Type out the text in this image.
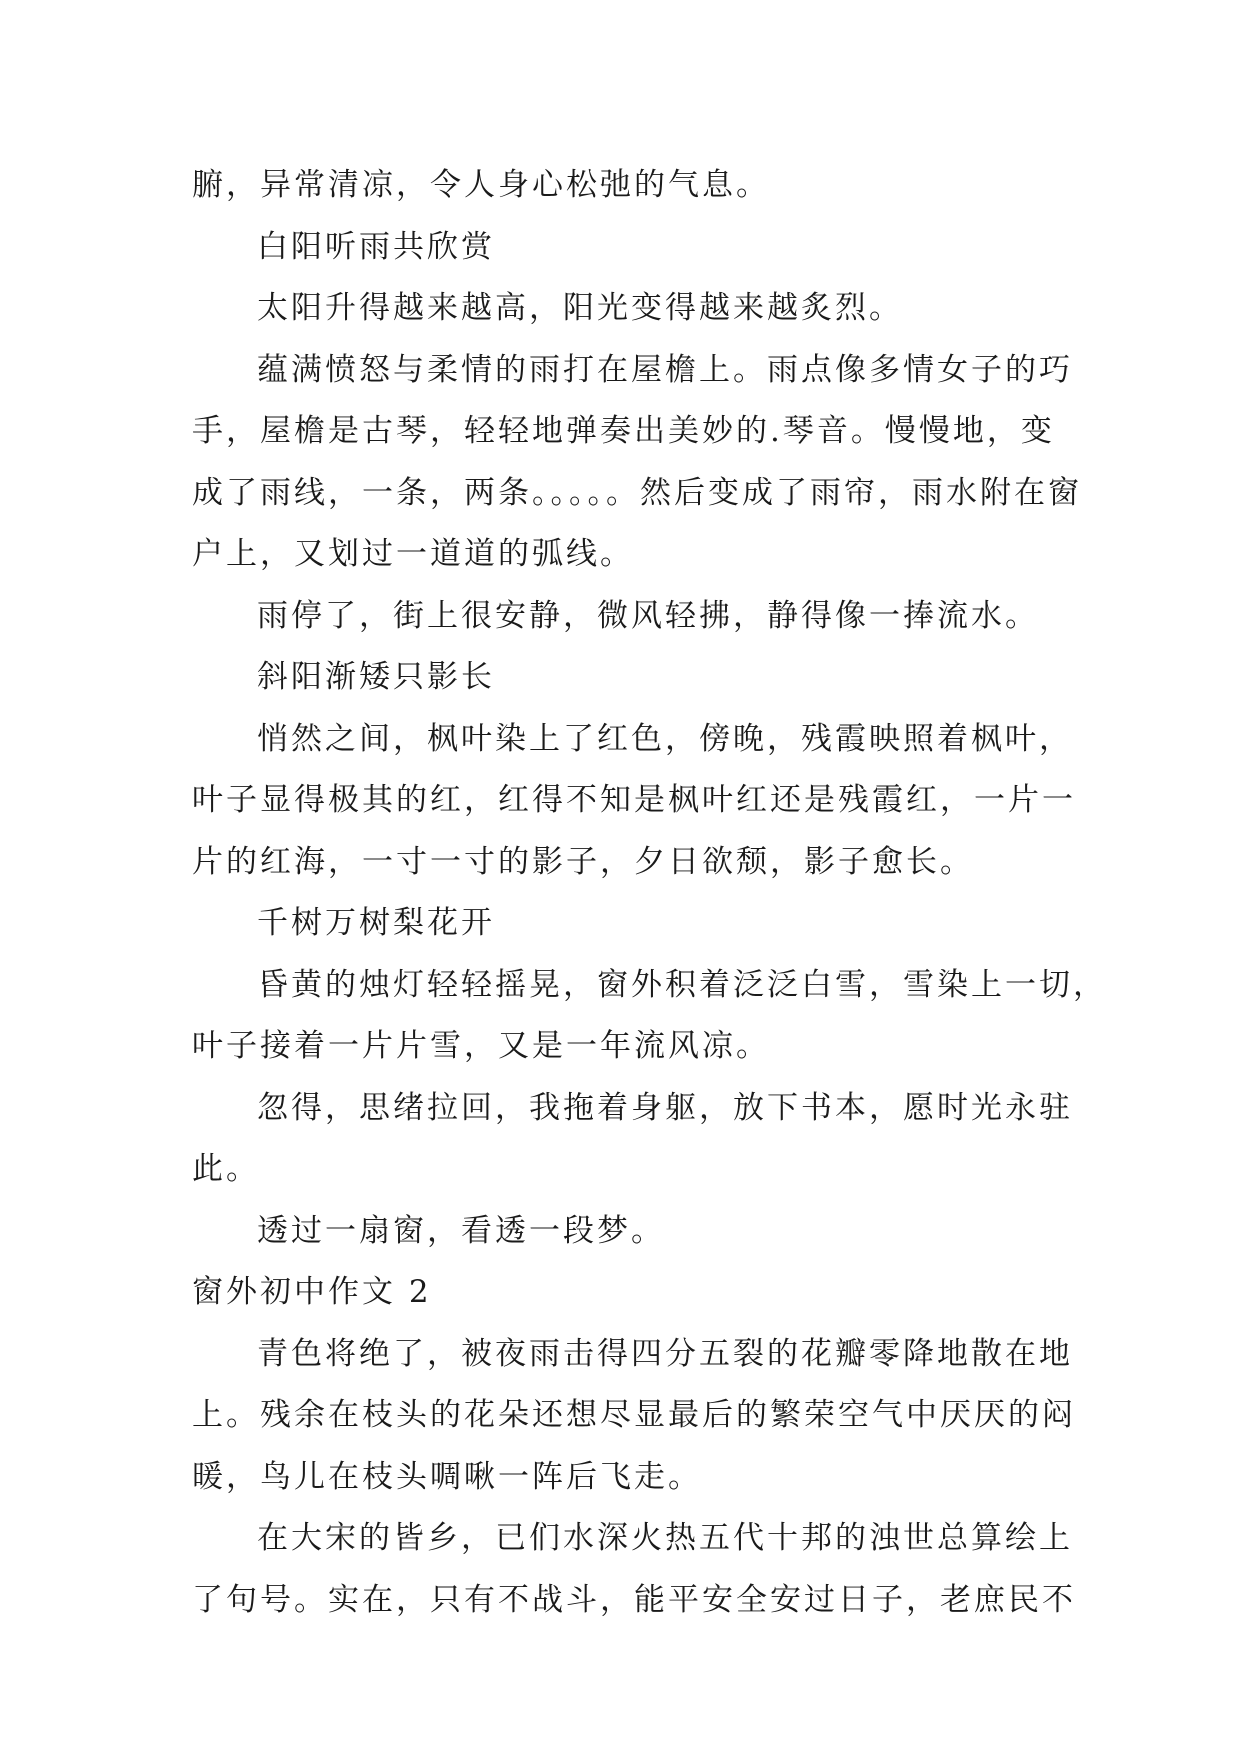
腑，异常清凉，令人身心松弛的气息。

白阳听雨共欣赏

太阳升得越来越高，阳光变得越来越炙烈。

蕴满愤怒与柔情的雨打在屋檐上。雨点像多情女子的巧
手，屋檐是古琴，轻轻地弹奏出美妙的.琴音。慢慢地，变
成了雨线，一条，两条。。。。。然后变成了雨帘，雨水附在窗
户上，又划过一道道的弧线。

雨停了，街上很安静，微风轻拂，静得像一捧流水。

斜阳渐矮只影长

悄然之间，枫叶染上了红色，傍晚，残霞映照着枫叶，
叶子显得极其的红，红得不知是枫叶红还是残霞红，一片一
片的红海，一寸一寸的影子，夕日欲颓，影子愈长。

千树万树梨花开

昏黄的烛灯轻轻摇晃，窗外积着泛泛白雪，雪染上一切，
叶子接着一片片雪，又是一年流风凉。

忽得，思绪拉回，我拖着身躯，放下书本，愿时光永驻
此。

透过一扇窗，看透一段梦。

窗外初中作文 2

青色将绝了，被夜雨击得四分五裂的花瓣零降地散在地
上。残余在枝头的花朵还想尽显最后的繁荣空气中厌厌的闷
暖，鸟儿在枝头啁啾一阵后飞走。

在大宋的皆乡，已们水深火热五代十邦的浊世总算绘上
了句号。实在，只有不战斗，能平安全安过日子，老庶民不
